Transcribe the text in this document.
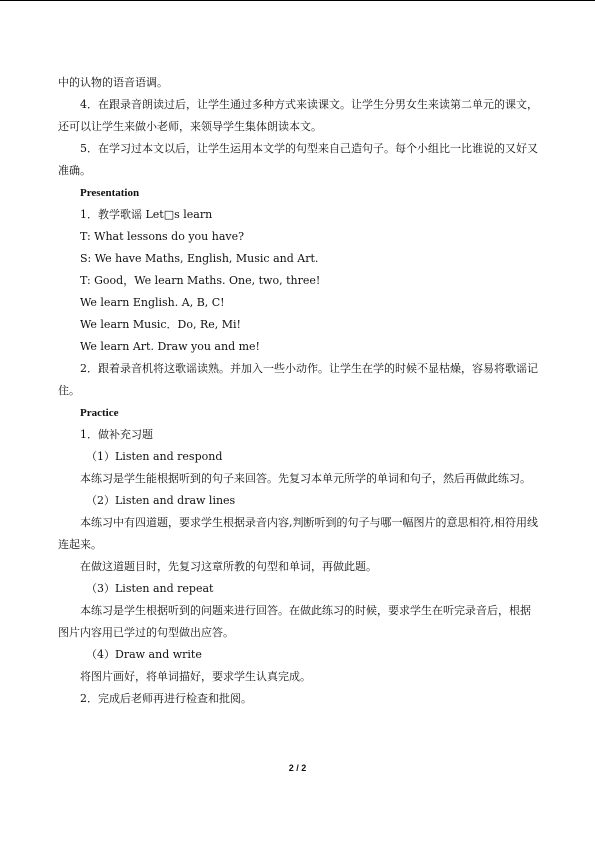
中的认物的语音语调。

4．在跟录音朗读过后，让学生通过多种方式来读课文。让学生分男女生来读第二单元的课文，还可以让学生来做小老师，来领导学生集体朗读本文。

5．在学习过本文以后，让学生运用本文学的句型来自己造句子。每个小组比一比谁说的又好又准确。

Presentation

1．教学歌谣 Let□s learn

T: What lessons do you have?

S: We have Maths, English, Music and Art.

T: Good，We learn Maths. One, two, three!

We learn English. A, B, C!

We learn Music．Do, Re, Mi!

We learn Art. Draw you and me!

2．跟着录音机将这歌谣读熟。并加入一些小动作。让学生在学的时候不显枯燥，容易将歌谣记住。

Practice

1．做补充习题

（1）Listen and respond

本练习是学生能根据听到的句子来回答。先复习本单元所学的单词和句子，然后再做此练习。

（2）Listen and draw lines

本练习中有四道题，要求学生根据录音内容,判断听到的句子与哪一幅图片的意思相符,相符用线连起来。

在做这道题目时，先复习这章所教的句型和单词，再做此题。

（3）Listen and repeat

本练习是学生根据听到的问题来进行回答。在做此练习的时候，要求学生在听完录音后，根据图片内容用已学过的句型做出应答。

（4）Draw and write

将图片画好，将单词描好，要求学生认真完成。

2．完成后老师再进行检查和批阅。

2 / 2
